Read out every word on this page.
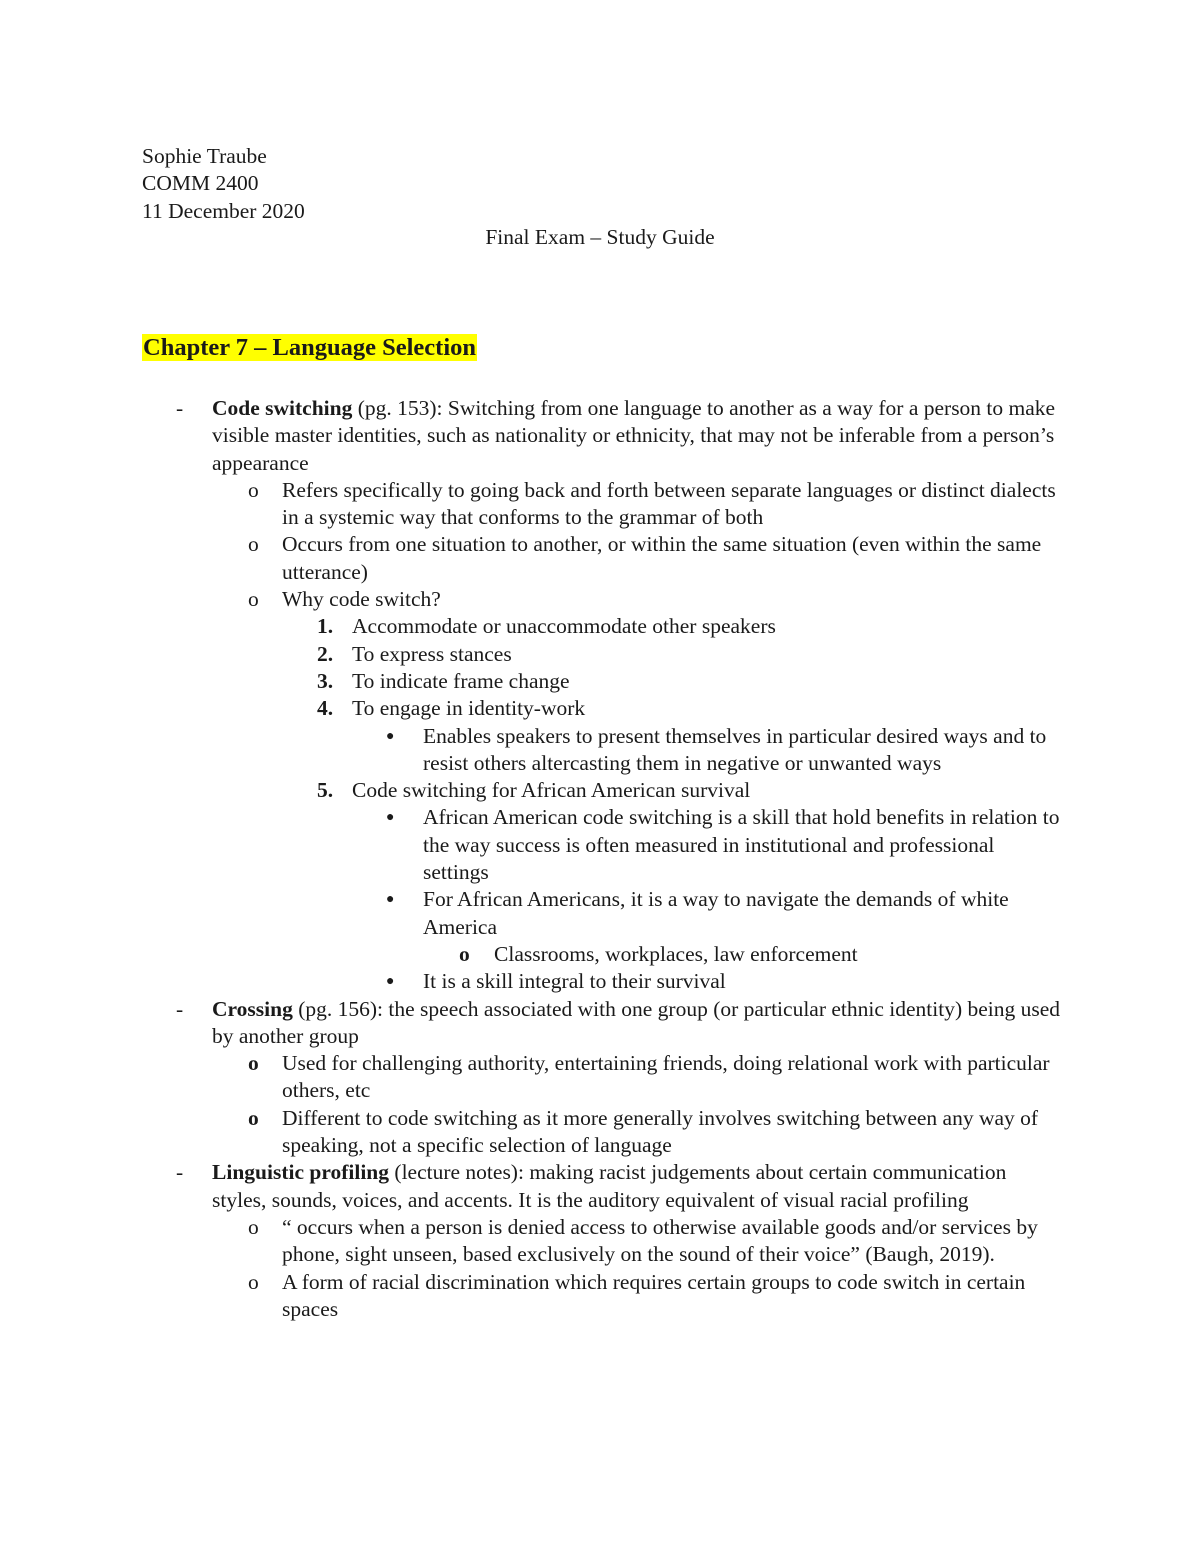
Sophie Traube
COMM 2400
11 December 2020
Final Exam – Study Guide
Chapter 7 – Language Selection
- Code switching (pg. 153): Switching from one language to another as a way for a person to make visible master identities, such as nationality or ethnicity, that may not be inferable from a person’s appearance
o Refers specifically to going back and forth between separate languages or distinct dialects in a systemic way that conforms to the grammar of both
o Occurs from one situation to another, or within the same situation (even within the same utterance)
o Why code switch?
1. Accommodate or unaccommodate other speakers
2. To express stances
3. To indicate frame change
4. To engage in identity-work
● Enables speakers to present themselves in particular desired ways and to resist others altercasting them in negative or unwanted ways
5. Code switching for African American survival
● African American code switching is a skill that hold benefits in relation to the way success is often measured in institutional and professional settings
● For African Americans, it is a way to navigate the demands of white America
o Classrooms, workplaces, law enforcement
● It is a skill integral to their survival
- Crossing (pg. 156): the speech associated with one group (or particular ethnic identity) being used by another group
o Used for challenging authority, entertaining friends, doing relational work with particular others, etc
o Different to code switching as it more generally involves switching between any way of speaking, not a specific selection of language
- Linguistic profiling (lecture notes): making racist judgements about certain communication styles, sounds, voices, and accents. It is the auditory equivalent of visual racial profiling
o “ occurs when a person is denied access to otherwise available goods and/or services by phone, sight unseen, based exclusively on the sound of their voice” (Baugh, 2019).
o A form of racial discrimination which requires certain groups to code switch in certain spaces
